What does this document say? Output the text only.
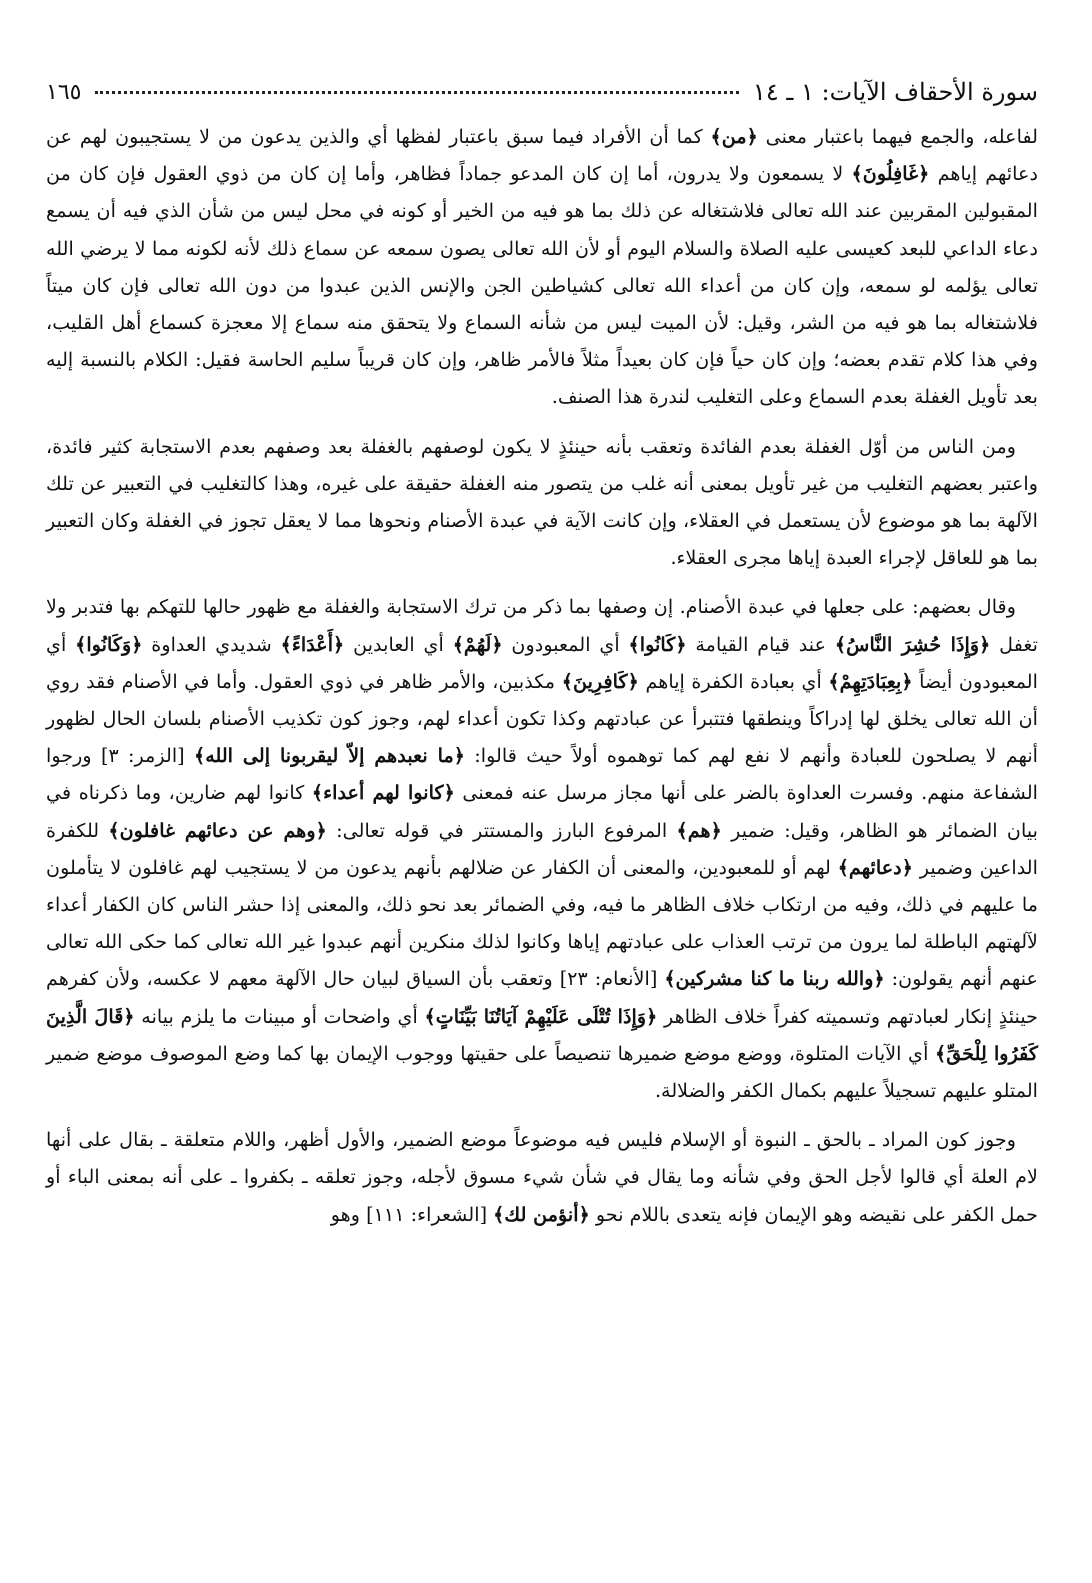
سورة الأحقاف الآيات: ١ ـ ١٤
١٦٥

لفاعله، والجمع فيهما باعتبار معنى ﴿من﴾ كما أن الأفراد فيما سبق باعتبار لفظها أي والذين يدعون من لا يستجيبون لهم عن دعائهم إياهم ﴿غَافِلُونَ﴾ لا يسمعون ولا يدرون، أما إن كان المدعو جماداً فظاهر، وأما إن كان من ذوي العقول فإن كان من المقبولين المقربين عند الله تعالى فلاشتغاله عن ذلك بما هو فيه من الخير أو كونه في محل ليس من شأن الذي فيه أن يسمع دعاء الداعي للبعد كعيسى عليه الصلاة والسلام اليوم أو لأن الله تعالى يصون سمعه عن سماع ذلك لأنه لكونه مما لا يرضي الله تعالى يؤلمه لو سمعه، وإن كان من أعداء الله تعالى كشياطين الجن والإنس الذين عبدوا من دون الله تعالى فإن كان ميتاً فلاشتغاله بما هو فيه من الشر، وقيل: لأن الميت ليس من شأنه السماع ولا يتحقق منه سماع إلا معجزة كسماع أهل القليب، وفي هذا كلام تقدم بعضه؛ وإن كان حياً فإن كان بعيداً مثلاً فالأمر ظاهر، وإن كان قريباً سليم الحاسة فقيل: الكلام بالنسبة إليه بعد تأويل الغفلة بعدم السماع وعلى التغليب لندرة هذا الصنف.

ومن الناس من أوّل الغفلة بعدم الفائدة وتعقب بأنه حينئذٍ لا يكون لوصفهم بالغفلة بعد وصفهم بعدم الاستجابة كثير فائدة، واعتبر بعضهم التغليب من غير تأويل بمعنى أنه غلب من يتصور منه الغفلة حقيقة على غيره، وهذا كالتغليب في التعبير عن تلك الآلهة بما هو موضوع لأن يستعمل في العقلاء، وإن كانت الآية في عبدة الأصنام ونحوها مما لا يعقل تجوز في الغفلة وكان التعبير بما هو للعاقل لإجراء العبدة إياها مجرى العقلاء.

وقال بعضهم: على جعلها في عبدة الأصنام. إن وصفها بما ذكر من ترك الاستجابة والغفلة مع ظهور حالها للتهكم بها فتدبر ولا تغفل ﴿وَإِذَا حُشِرَ النَّاسُ﴾ عند قيام القيامة ﴿كَانُوا﴾ أي المعبودون ﴿لَهُمْ﴾ أي العابدين ﴿أَعْدَاءً﴾ شديدي العداوة ﴿وَكَانُوا﴾ أي المعبودون أيضاً ﴿بِعِبَادَتِهِمْ﴾ أي بعبادة الكفرة إياهم ﴿كَافِرِينَ﴾ مكذبين، والأمر ظاهر في ذوي العقول. وأما في الأصنام فقد روي أن الله تعالى يخلق لها إدراكاً وينطقها فتتبرأ عن عبادتهم وكذا تكون أعداء لهم، وجوز كون تكذيب الأصنام بلسان الحال لظهور أنهم لا يصلحون للعبادة وأنهم لا نفع لهم كما توهموه أولاً حيث قالوا: ﴿ما نعبدهم إلاّ ليقربونا إلى الله﴾ [الزمر: ٣] ورجوا الشفاعة منهم. وفسرت العداوة بالضر على أنها مجاز مرسل عنه فمعنى ﴿كانوا لهم أعداء﴾ كانوا لهم ضارين، وما ذكرناه في بيان الضمائر هو الظاهر، وقيل: ضمير ﴿هم﴾ المرفوع البارز والمستتر في قوله تعالى: ﴿وهم عن دعائهم غافلون﴾ للكفرة الداعين وضمير ﴿دعائهم﴾ لهم أو للمعبودين، والمعنى أن الكفار عن ضلالهم بأنهم يدعون من لا يستجيب لهم غافلون لا يتأملون ما عليهم في ذلك، وفيه من ارتكاب خلاف الظاهر ما فيه، وفي الضمائر بعد نحو ذلك، والمعنى إذا حشر الناس كان الكفار أعداء لآلهتهم الباطلة لما يرون من ترتب العذاب على عبادتهم إياها وكانوا لذلك منكرين أنهم عبدوا غير الله تعالى كما حكى الله تعالى عنهم أنهم يقولون: ﴿والله ربنا ما كنا مشركين﴾ [الأنعام: ٢٣] وتعقب بأن السياق لبيان حال الآلهة معهم لا عكسه، ولأن كفرهم حينئذٍ إنكار لعبادتهم وتسميته كفراً خلاف الظاهر ﴿وَإِذَا تُتْلَى عَلَيْهِمْ آيَاتُنَا بَيِّنَاتٍ﴾ أي واضحات أو مبينات ما يلزم بيانه ﴿قَالَ الَّذِينَ كَفَرُوا لِلْحَقِّ﴾ أي الآيات المتلوة، ووضع موضع ضميرها تنصيصاً على حقيتها ووجوب الإيمان بها كما وضع الموصوف موضع ضمير المتلو عليهم تسجيلاً عليهم بكمال الكفر والضلالة.

وجوز كون المراد ـ بالحق ـ النبوة أو الإسلام فليس فيه موضوعاً موضع الضمير، والأول أظهر، واللام متعلقة ـ بقال على أنها لام العلة أي قالوا لأجل الحق وفي شأنه وما يقال في شأن شيء مسوق لأجله، وجوز تعلقه ـ بكفروا ـ على أنه بمعنى الباء أو حمل الكفر على نقيضه وهو الإيمان فإنه يتعدى باللام نحو ﴿أنؤمن لك﴾ [الشعراء: ١١١] وهو
